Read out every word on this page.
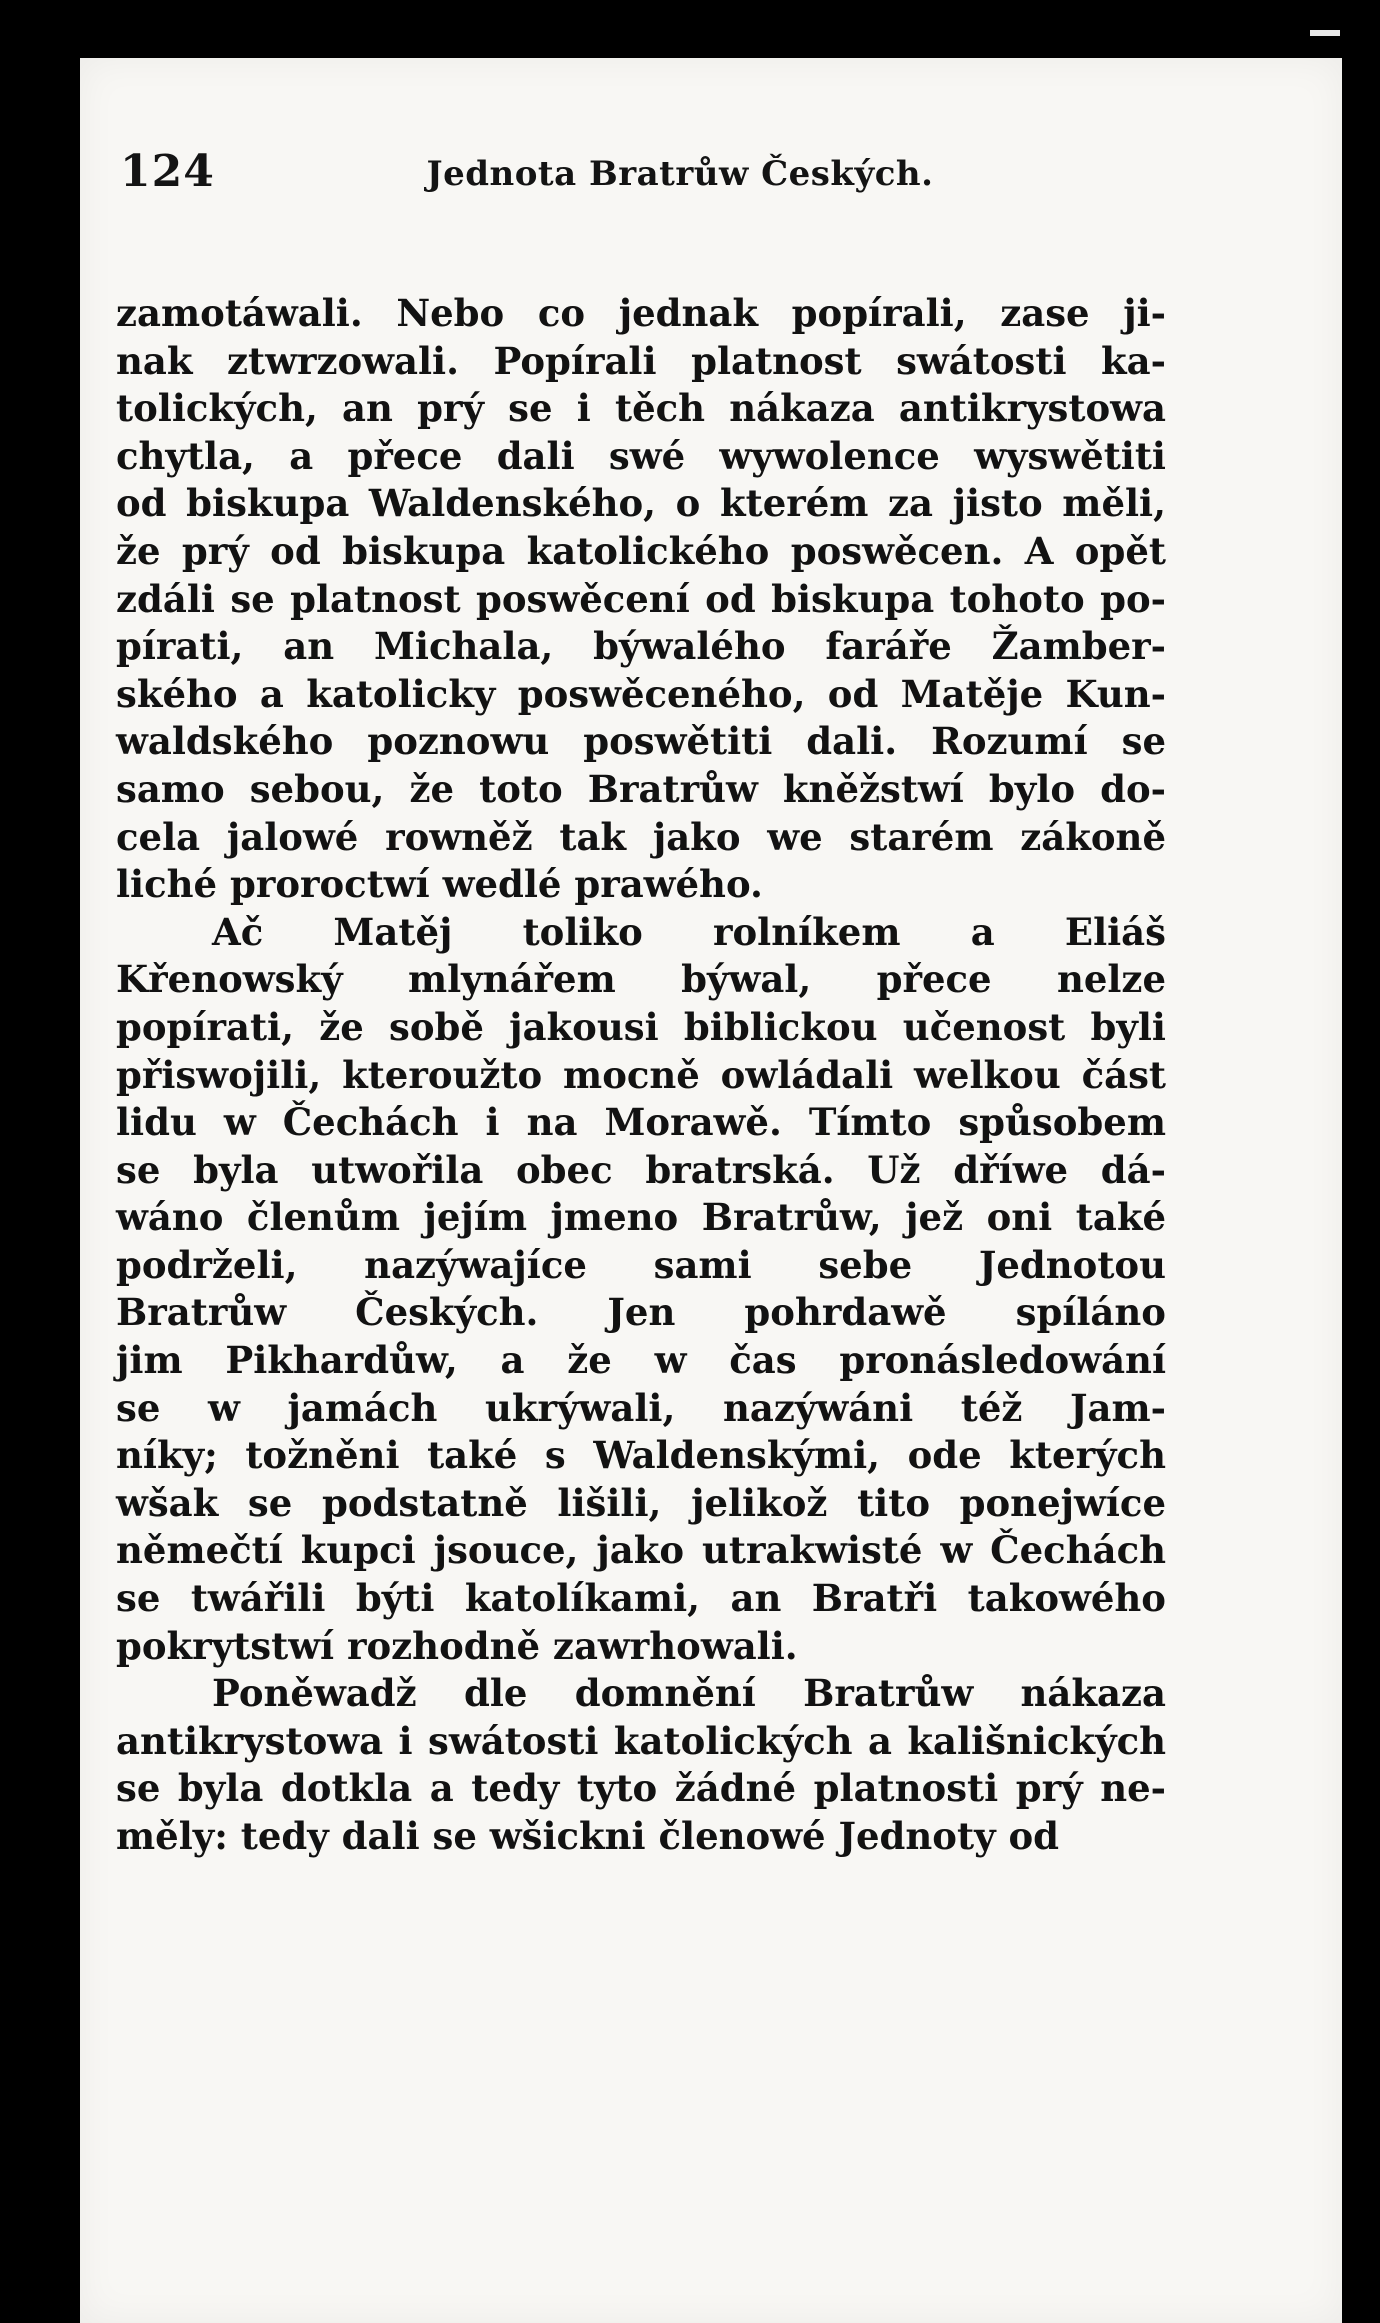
124	Jednota Bratrůw Českých.
zamotáwali. Nebo co jednak popírali, zase ji-
nak ztwrzowali. Popírali platnost swátosti ka-
tolických, an prý se i těch nákaza antikrystowa
chytla, a přece dali swé wywolence wyswětiti
od biskupa Waldenského, o kterém za jisto měli,
že prý od biskupa katolického poswěcen. A opět
zdáli se platnost poswěcení od biskupa tohoto po-
pírati, an Michala, býwalého faráře Žamber-
ského a katolicky poswěceného, od Matěje Kun-
waldského poznowu poswětiti dali. Rozumí se
samo sebou, že toto Bratrůw kněžstwí bylo do-
cela jalowé rowněž tak jako we starém zákoně
liché proroctwí wedlé prawého.
Ač Matěj toliko rolníkem a Eliáš
Křenowský mlynářem býwal, přece nelze
popírati, že sobě jakousi biblickou učenost byli
přiswojili, kteroužto mocně owládali welkou část
lidu w Čechách i na Morawě. Tímto spůsobem
se byla utwořila obec bratrská. Už dříwe dá-
wáno členům jejím jmeno Bratrůw, jež oni také
podrželi, nazýwajíce sami sebe Jednotou
Bratrůw Českých. Jen pohrdawě spíláno
jim Pikhardůw, a že w čas pronásledowání
se w jamách ukrýwali, nazýwáni též Jam-
níky; tožněni také s Waldenskými, ode kterých
wšak se podstatně lišili, jelikož tito ponejwíce
němečtí kupci jsouce, jako utrakwisté w Čechách
se twářili býti katolíkami, an Bratři takowého
pokrytstwí rozhodně zawrhowali.
Poněwadž dle domnění Bratrůw nákaza
antikrystowa i swátosti katolických a kališnických
se byla dotkla a tedy tyto žádné platnosti prý ne-
měly: tedy dali se wšickni členowé Jednoty od
